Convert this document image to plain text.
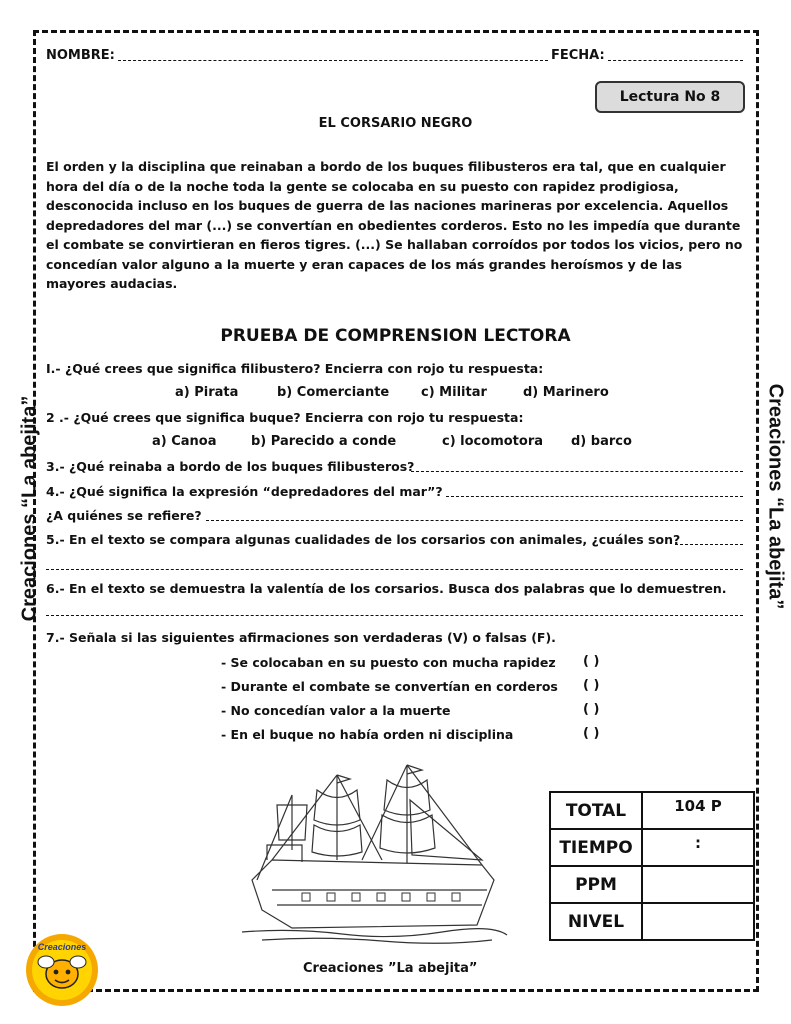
NOMBRE:	FECHA:
Lectura No 8
EL CORSARIO NEGRO
El orden y la disciplina que reinaban a bordo de los buques filibusteros era tal, que en cualquier hora del día o de la noche toda la gente se colocaba en su puesto con rapidez prodigiosa, desconocida incluso en los buques de guerra de las naciones marineras por excelencia. Aquellos depredadores del mar (...) se convertían en obedientes corderos. Esto no les impedía que durante el combate se convirtieran en fieros tigres. (...) Se hallaban corroídos por todos los vicios, pero no concedían valor alguno a la muerte y eran capaces de los más grandes heroísmos y de las mayores audacias.
PRUEBA DE COMPRENSION LECTORA
I.- ¿Qué crees que significa filibustero? Encierra con rojo tu respuesta:
a) Pirata	b) Comerciante c) Militar	d) Marinero
2 .- ¿Qué crees que significa buque? Encierra con rojo tu respuesta:
a) Canoa	b) Parecido a conde	c) locomotora d) barco
3.- ¿Qué reinaba a bordo de los buques filibusteros?
4.- ¿Qué significa la expresión “depredadores del mar”?
¿A quiénes se refiere?
5.- En el texto se compara algunas cualidades de los corsarios con animales, ¿cuáles son?
6.- En el texto se demuestra la valentía de los corsarios. Busca dos palabras que lo demuestren.
7.- Señala si las siguientes afirmaciones son verdaderas (V) o falsas (F).
- Se colocaban en su puesto con mucha rapidez ( )
- Durante el combate se convertían en corderos ( )
- No concedían valor a la muerte	( )
- En el buque no había orden ni disciplina	( )
Creaciones ”La abejita”
TOTAL	104 P
TIEMPO	:
PPM	
NIVEL	
Creaciones “La abejita”	Creaciones “La abejita”
Creaciones
